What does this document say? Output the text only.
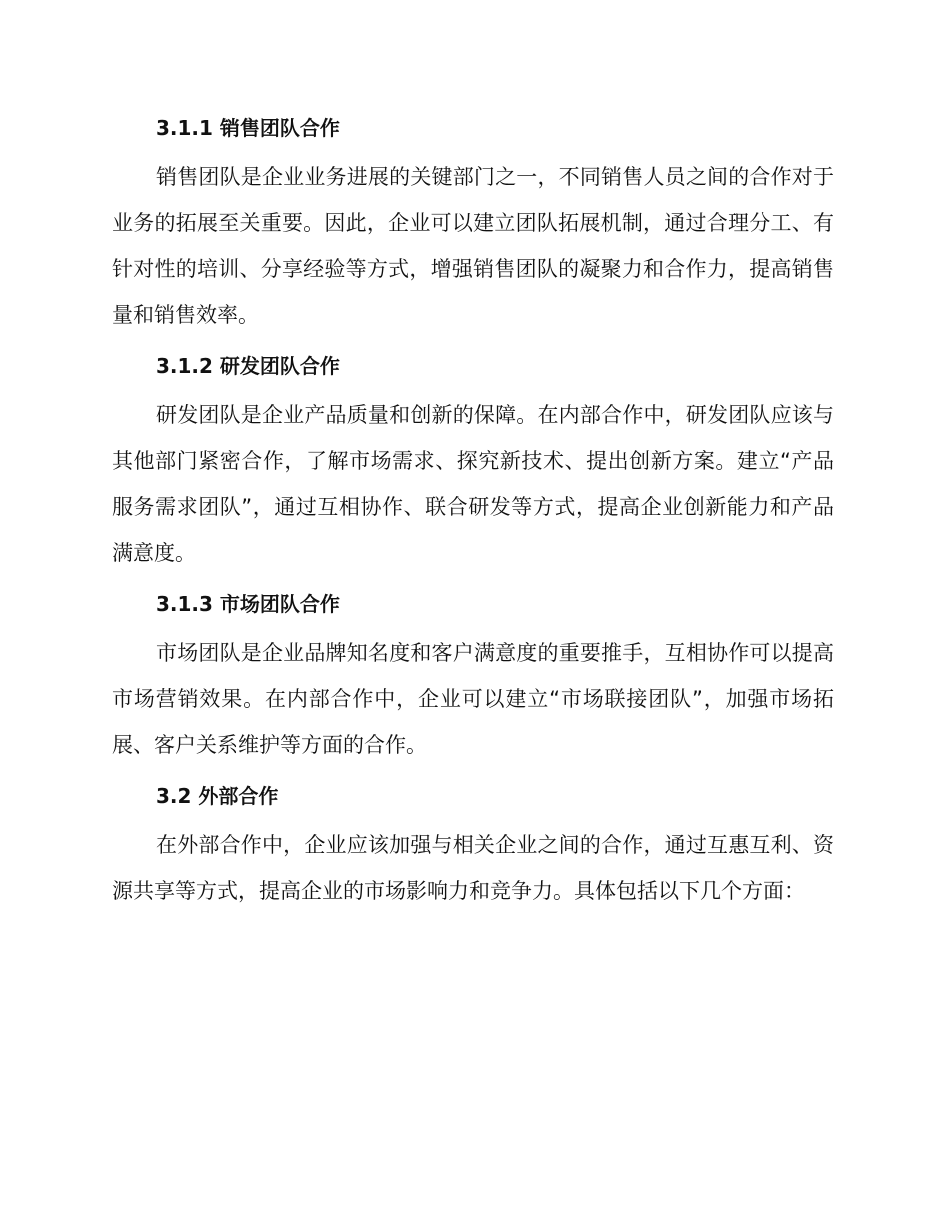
3.1.1 销售团队合作

销售团队是企业业务进展的关键部门之一，不同销售人员之间的合作对于业务的拓展至关重要。因此，企业可以建立团队拓展机制，通过合理分工、有针对性的培训、分享经验等方式，增强销售团队的凝聚力和合作力，提高销售量和销售效率。

3.1.2 研发团队合作

研发团队是企业产品质量和创新的保障。在内部合作中，研发团队应该与其他部门紧密合作，了解市场需求、探究新技术、提出创新方案。建立“产品服务需求团队”，通过互相协作、联合研发等方式，提高企业创新能力和产品满意度。

3.1.3 市场团队合作

市场团队是企业品牌知名度和客户满意度的重要推手，互相协作可以提高市场营销效果。在内部合作中，企业可以建立“市场联接团队”，加强市场拓展、客户关系维护等方面的合作。

3.2 外部合作

在外部合作中，企业应该加强与相关企业之间的合作，通过互惠互利、资源共享等方式，提高企业的市场影响力和竞争力。具体包括以下几个方面：
